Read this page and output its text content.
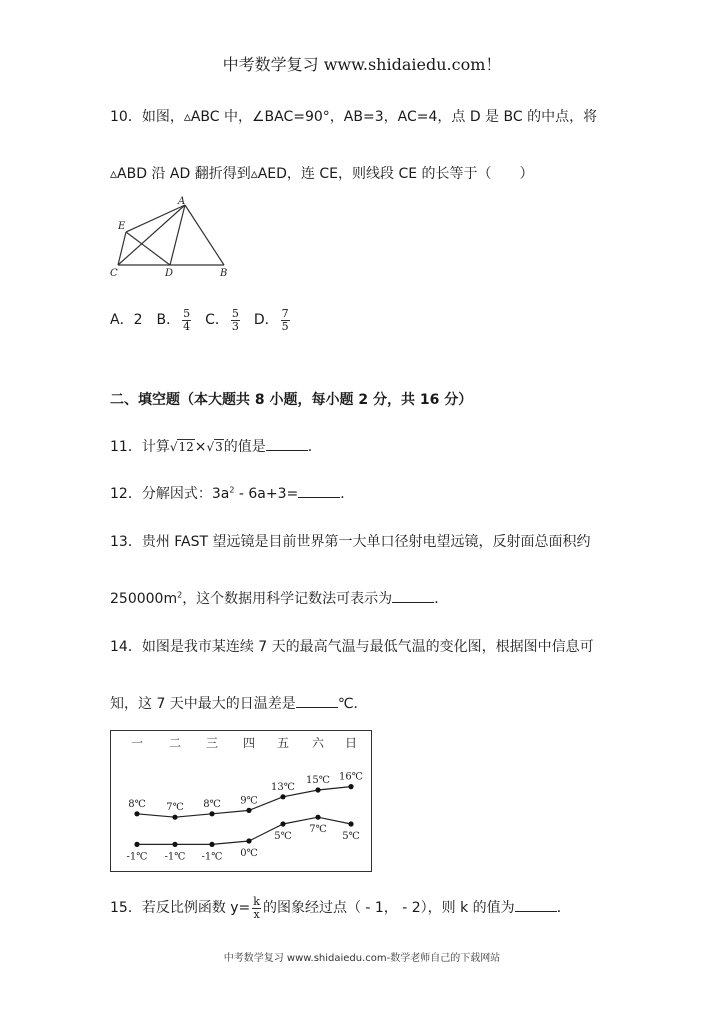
中考数学复习 www.shidaiedu.com！
10．如图，▵ABC 中，∠BAC=90°，AB=3，AC=4，点 D 是 BC 的中点，将
▵ABD 沿 AD 翻折得到▵AED，连 CE，则线段 CE 的长等于（　　）
A
E
C	D	B
A．2　B． $\frac{5}{4}$ C． $\frac{5}{3}$ D． $\frac{7}{5}$
二、填空题（本大题共 8 小题，每小题 2 分，共 16 分）
11．计算√12×√3的值是	．
12．分解因式：$3a^2 - 6a+3=$	．
13．贵州 FAST 望远镜是目前世界第一大单口径射电望远镜，反射面总面积约
$250000m^2$，这个数据用科学记数法可表示为	．
14．如图是我市某连续 7 天的最高气温与最低气温的变化图，根据图中信息可
知，这 7 天中最大的日温差是	℃．
一 二 三 四 五 六 日
8℃ 7℃ 8℃ 9℃
13℃
15℃ 16℃
-1℃ -1℃ -1℃ 0℃
5℃
7℃
5℃
15．若反比例函数 $y= \frac{k}{x}$ 的图象经过点（ - 1， - 2），则 k 的值为	．
中考数学复习 www.shidaiedu.com-数学老师自己的下载网站
